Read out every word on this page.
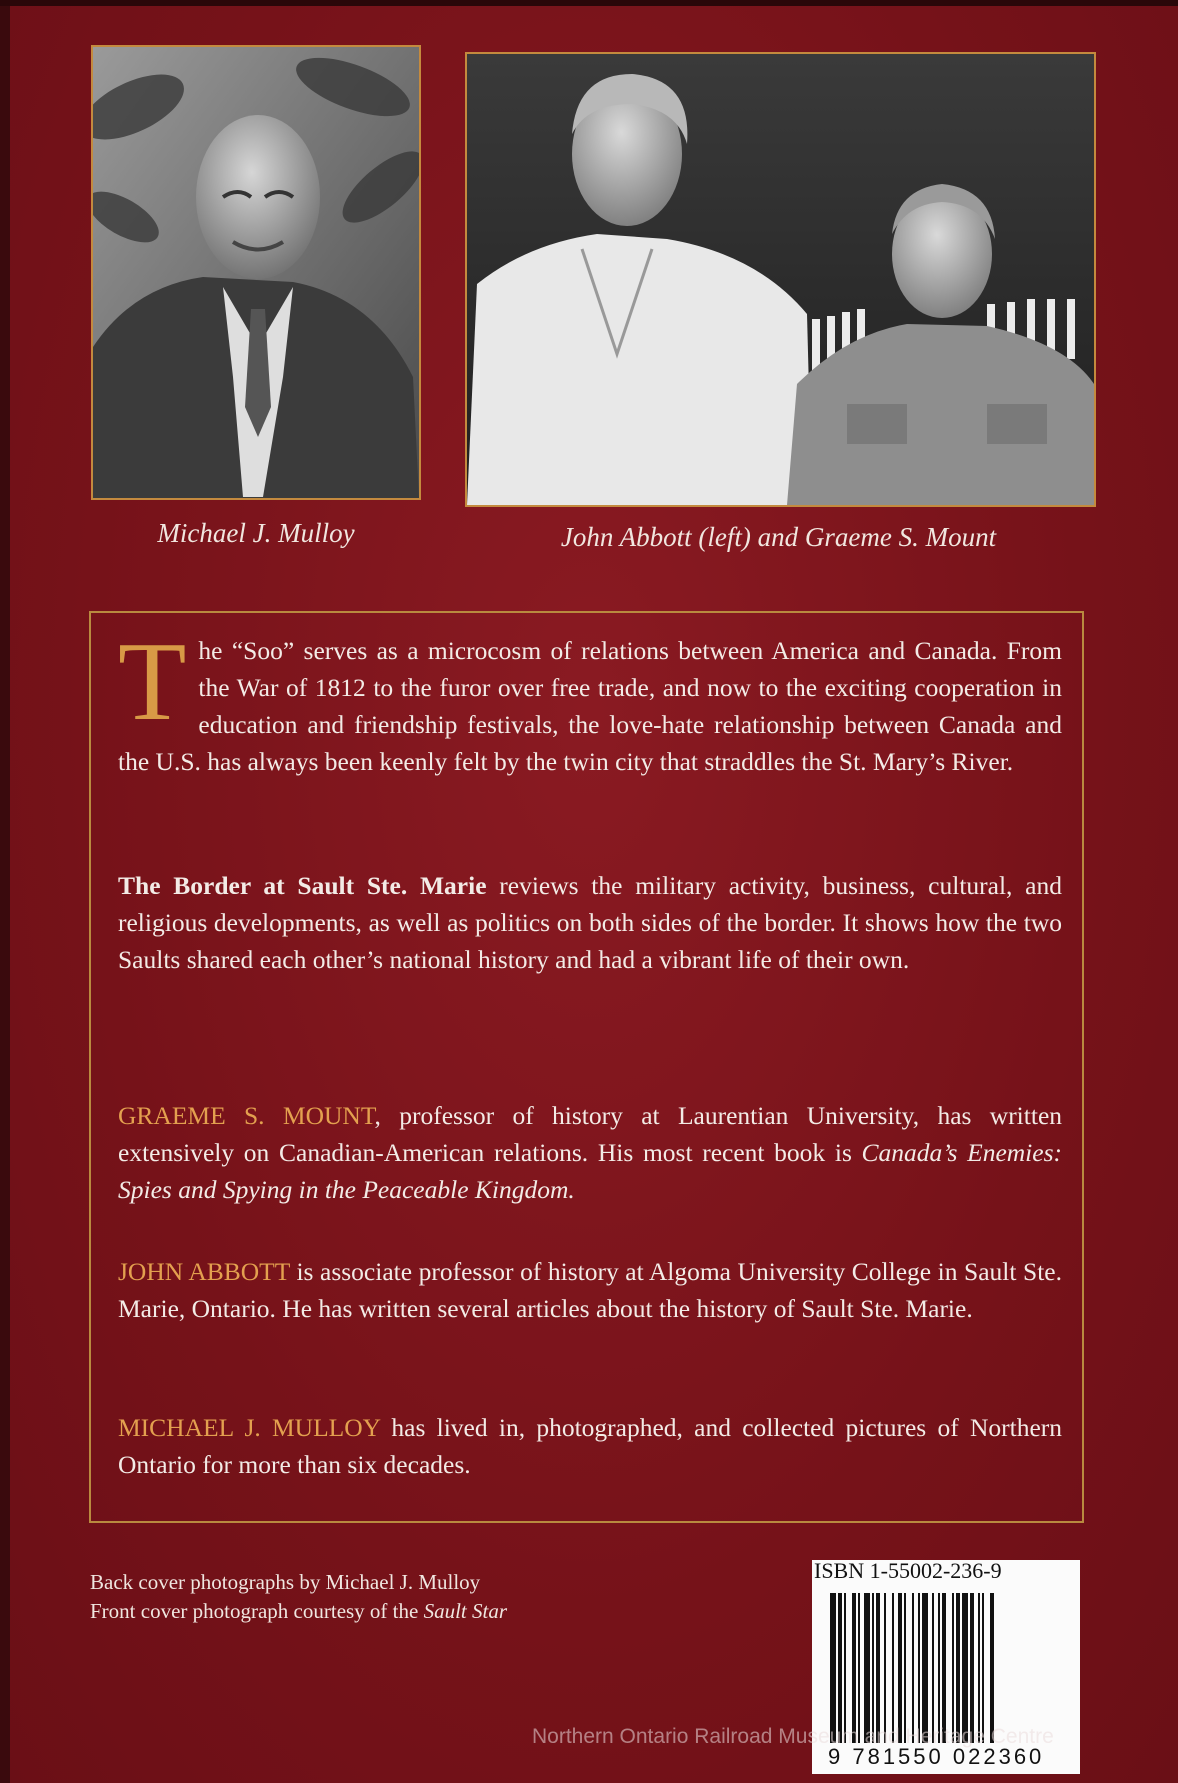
Michael J. Mulloy	John Abbott (left) and Graeme S. Mount
The “Soo” serves as a microcosm of relations between America and Canada. From the War of 1812 to the furor over free trade, and now to the exciting cooperation in education and friendship festivals, the love-hate relationship between Canada and the U.S. has always been keenly felt by the twin city that straddles the St. Mary’s River.
The Border at Sault Ste. Marie reviews the military activity, business, cultural, and religious developments, as well as politics on both sides of the border. It shows how the two Saults shared each other’s national history and had a vibrant life of their own.
GRAEME S. MOUNT, professor of history at Laurentian University, has written extensively on Canadian-American relations. His most recent book is Canada’s Enemies: Spies and Spying in the Peaceable Kingdom.
JOHN ABBOTT is associate professor of history at Algoma University College in Sault Ste. Marie, Ontario. He has written several articles about the history of Sault Ste. Marie.
MICHAEL J. MULLOY has lived in, photographed, and collected pictures of Northern Ontario for more than six decades.
Back cover photographs by Michael J. Mulloy
Front cover photograph courtesy of the Sault Star
ISBN 1-55002-236-9
9 781550 022360
Northern Ontario Railroad Museum and Heritage Centre
